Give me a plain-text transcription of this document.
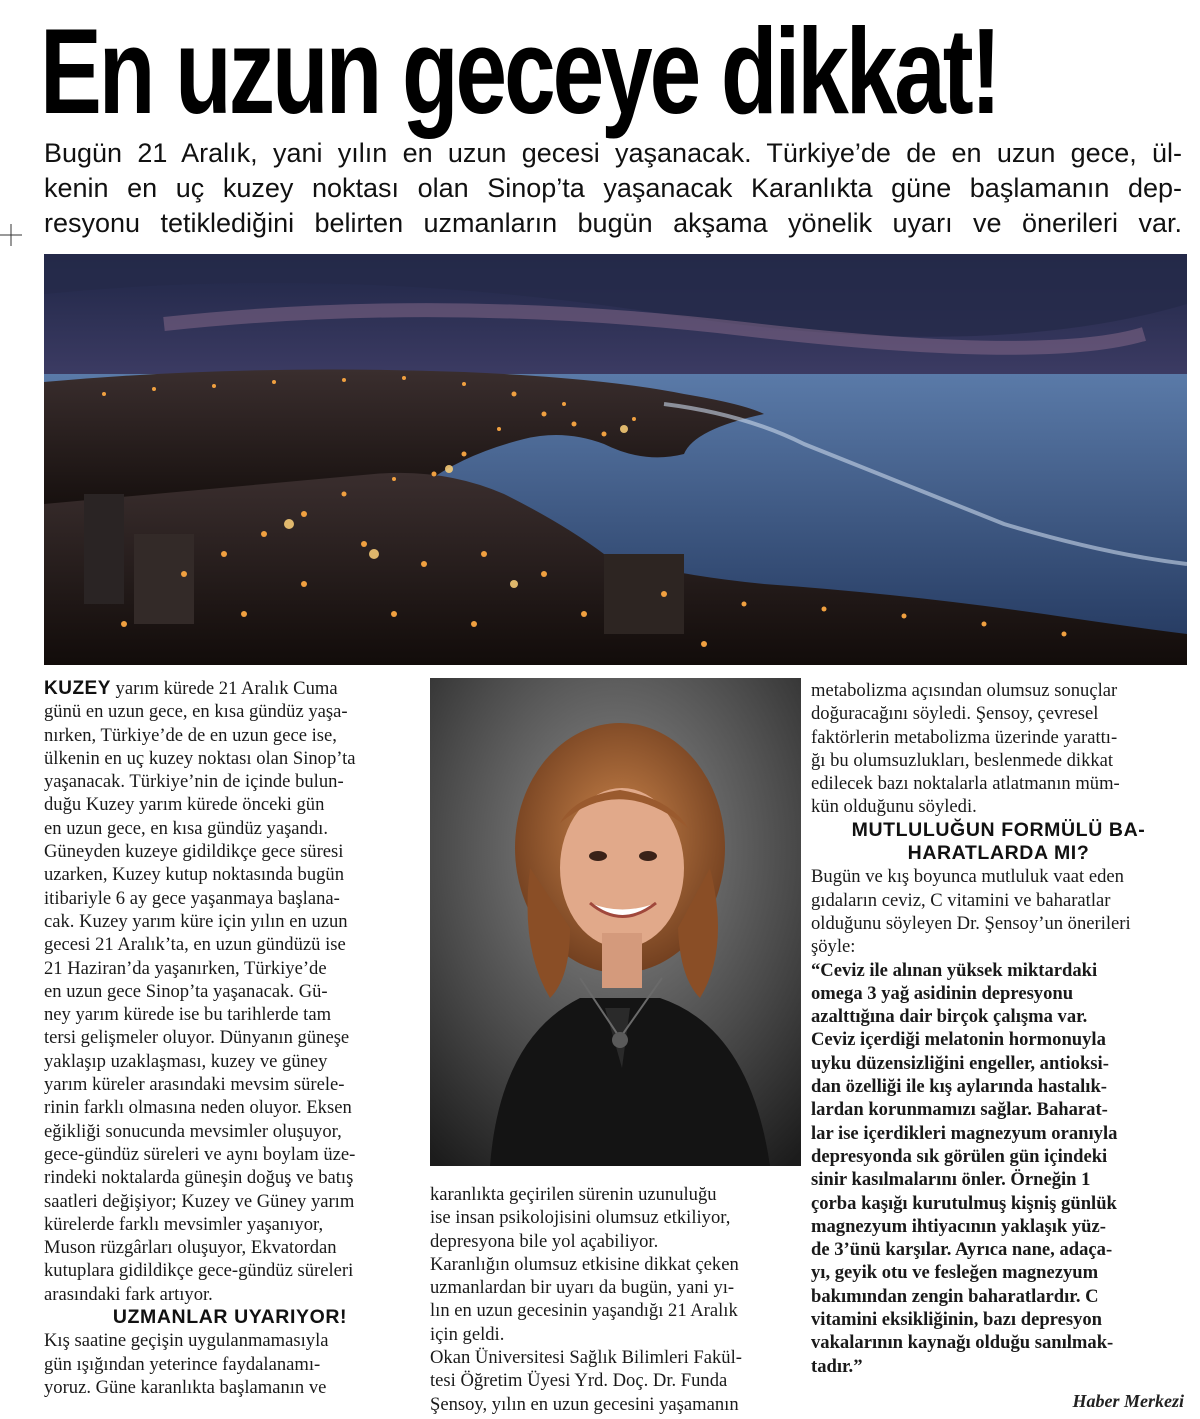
En uzun geceye dikkat!

Bugün 21 Aralık, yani yılın en uzun gecesi yaşanacak. Türkiye’de de en uzun gece, ül-
kenin en uç kuzey noktası olan Sinop’ta yaşanacak Karanlıkta güne başlamanın dep-
resyonu tetiklediğini belirten uzmanların bugün akşama yönelik uyarı ve önerileri var.

KUZEY yarım kürede 21 Aralık Cuma
günü en uzun gece, en kısa gündüz yaşa-
nırken, Türkiye’de de en uzun gece ise,
ülkenin en uç kuzey noktası olan Sinop’ta
yaşanacak. Türkiye’nin de içinde bulun-
duğu Kuzey yarım kürede önceki gün
en uzun gece, en kısa gündüz yaşandı.
Güneyden kuzeye gidildikçe gece süresi
uzarken, Kuzey kutup noktasında bugün
itibariyle 6 ay gece yaşanmaya başlana-
cak. Kuzey yarım küre için yılın en uzun
gecesi 21 Aralık’ta, en uzun gündüzü ise
21 Haziran’da yaşanırken, Türkiye’de
en uzun gece Sinop’ta yaşanacak. Gü-
ney yarım kürede ise bu tarihlerde tam
tersi gelişmeler oluyor. Dünyanın güneşe
yaklaşıp uzaklaşması, kuzey ve güney
yarım küreler arasındaki mevsim sürele-
rinin farklı olmasına neden oluyor. Eksen
eğikliği sonucunda mevsimler oluşuyor,
gece-gündüz süreleri ve aynı boylam üze-
rindeki noktalarda güneşin doğuş ve batış
saatleri değişiyor; Kuzey ve Güney yarım
kürelerde farklı mevsimler yaşanıyor,
Muson rüzgârları oluşuyor, Ekvatordan
kutuplara gidildikçe gece-gündüz süreleri
arasındaki fark artıyor.
UZMANLAR UYARIYOR!
Kış saatine geçişin uygulanmamasıyla
gün ışığından yeterince faydalanamı-
yoruz. Güne karanlıkta başlamanın ve
karanlıkta geçirilen sürenin uzunuluğu
ise insan psikolojisini olumsuz etkiliyor,
depresyona bile yol açabiliyor.
Karanlığın olumsuz etkisine dikkat çeken
uzmanlardan bir uyarı da bugün, yani yı-
lın en uzun gecesinin yaşandığı 21 Aralık
için geldi.
Okan Üniversitesi Sağlık Bilimleri Fakül-
tesi Öğretim Üyesi Yrd. Doç. Dr. Funda
Şensoy, yılın en uzun gecesini yaşamanın
metabolizma açısından olumsuz sonuçlar
doğuracağını söyledi. Şensoy, çevresel
faktörlerin metabolizma üzerinde yarattı-
ğı bu olumsuzlukları, beslenmede dikkat
edilecek bazı noktalarla atlatmanın müm-
kün olduğunu söyledi.
MUTLULUĞUN FORMÜLÜ BA-
HARATLARDA MI?
Bugün ve kış boyunca mutluluk vaat eden
gıdaların ceviz, C vitamini ve baharatlar
olduğunu söyleyen Dr. Şensoy’un önerileri
şöyle:
“Ceviz ile alınan yüksek miktardaki
omega 3 yağ asidinin depresyonu
azalttığına dair birçok çalışma var.
Ceviz içerdiği melatonin hormonuyla
uyku düzensizliğini engeller, antioksi-
dan özelliği ile kış aylarında hastalık-
lardan korunmamızı sağlar. Baharat-
lar ise içerdikleri magnezyum oranıyla
depresyonda sık görülen gün içindeki
sinir kasılmalarını önler. Örneğin 1
çorba kaşığı kurutulmuş kişniş günlük
magnezyum ihtiyacının yaklaşık yüz-
de 3’ünü karşılar. Ayrıca nane, adaça-
yı, geyik otu ve fesleğen magnezyum
bakımından zengin baharatlardır. C
vitamini eksikliğinin, bazı depresyon
vakalarının kaynağı olduğu sanılmak-
tadır.”
Haber Merkezi
